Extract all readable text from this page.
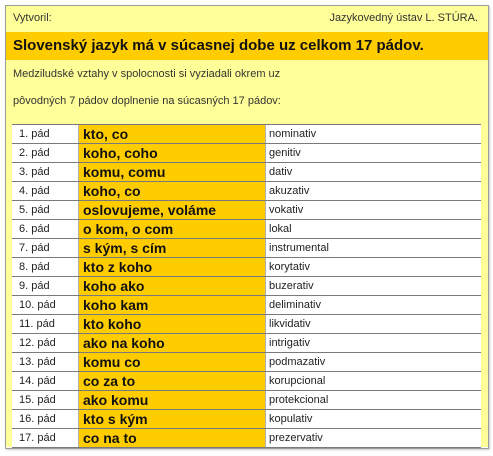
Vytvoril:	Jazykovedný ústav L. STÚRA.
Slovenský jazyk má v súcasnej dobe uz celkom 17 pádov.
Medziludské vztahy v spolocnosti si vyziadali okrem uz
pôvodných 7 pádov doplnenie na súcasných 17 pádov:
1. pád	kto, co	nominativ
2. pád	koho, coho	genitiv
3. pád	komu, comu	dativ
4. pád	koho, co	akuzativ
5. pád	oslovujeme, voláme	vokativ
6. pád	o kom, o com	lokal
7. pád	s kým, s cím	instrumental
8. pád	kto z koho	korytativ
9. pád	koho ako	buzerativ
10. pád	koho kam	deliminativ
11. pád	kto koho	likvidativ
12. pád	ako na koho	intrigativ
13. pád	komu co	podmazativ
14. pád	co za to	korupcional
15. pád	ako komu	protekcional
16. pád	kto s kým	kopulativ
17. pád	co na to	prezervativ
